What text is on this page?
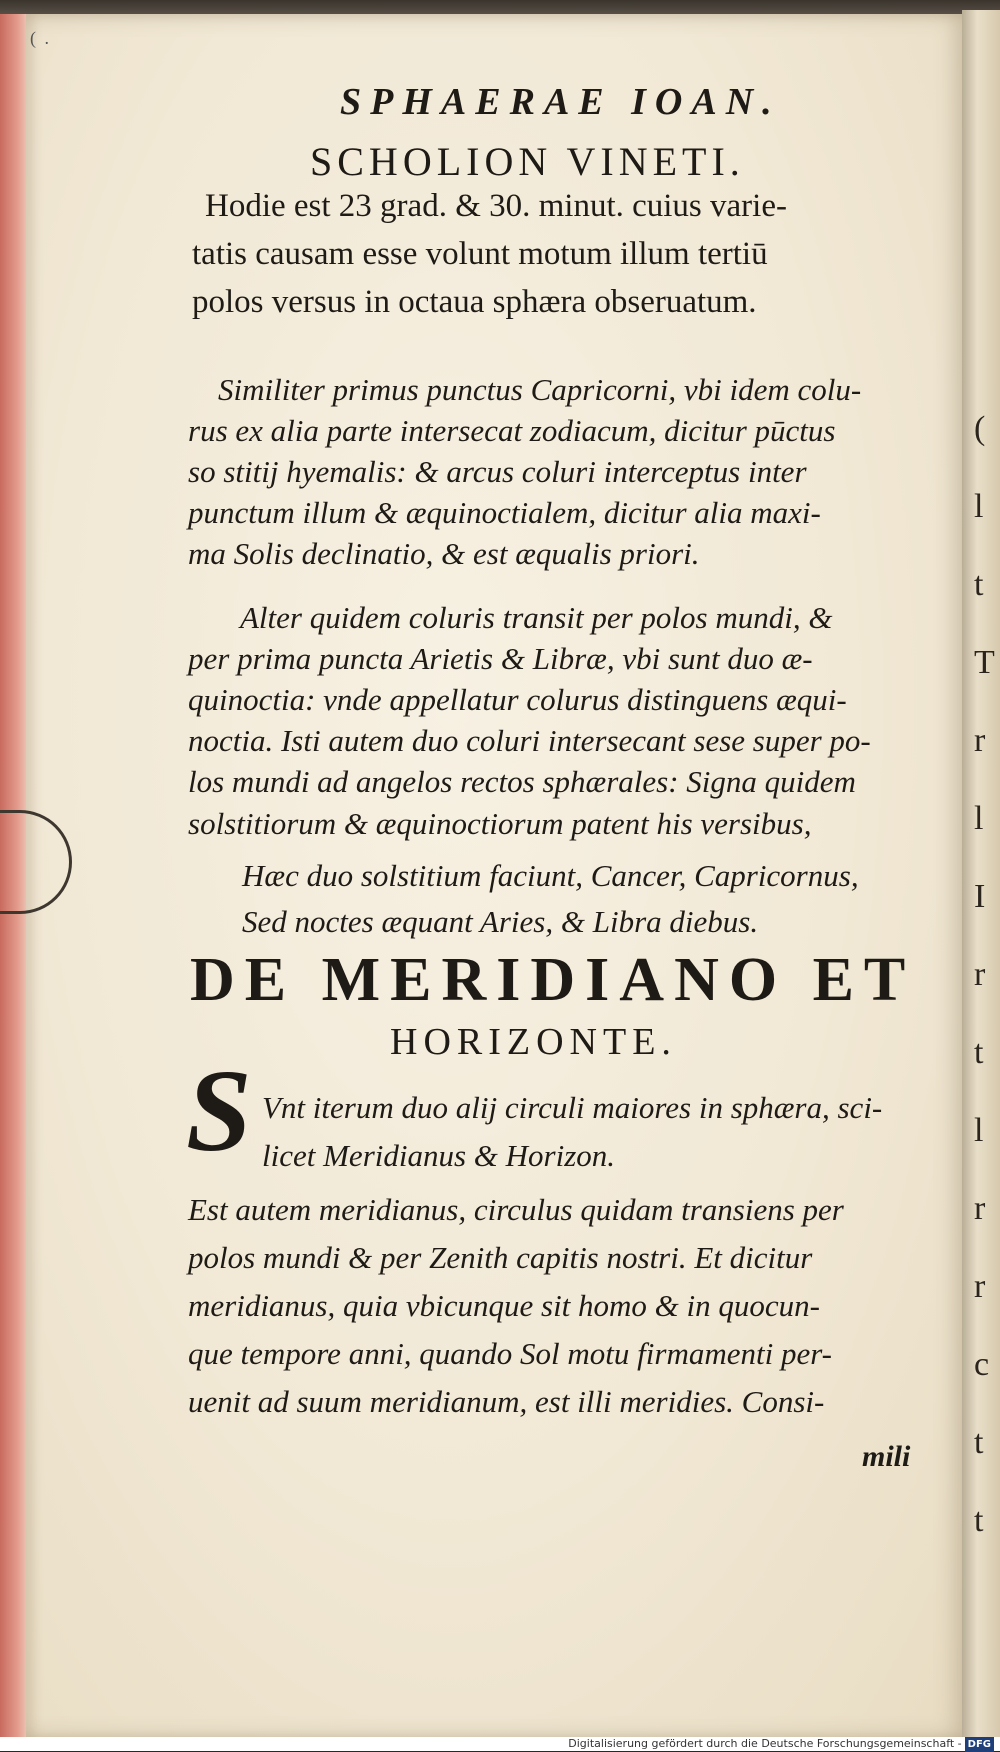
(
l
t
T
r
l
I
r
t
l
r
r
c
t
t
( .
SPHAERAE IOAN.
SCHOLION VINETI.
Hodie est 23 grad. & 30. minut. cuius varie-
tatis causam esse volunt motum illum tertiū
polos versus in octaua sphæra obseruatum.
Similiter primus punctus Capricorni, vbi idem colu-
rus ex alia parte intersecat zodiacum, dicitur pūctus
so stitij hyemalis: & arcus coluri interceptus inter
punctum illum & æquinoctialem, dicitur alia maxi-
ma Solis declinatio, & est æqualis priori.
Alter quidem coluris transit per polos mundi, &
per prima puncta Arietis & Libræ, vbi sunt duo æ-
quinoctia: vnde appellatur colurus distinguens æqui-
noctia. Isti autem duo coluri intersecant sese super po-
los mundi ad angelos rectos sphærales: Signa quidem
solstitiorum & æquinoctiorum patent his versibus,
Hæc duo solstitium faciunt, Cancer, Capricornus,
DE MERIDIANO ET
HORIZONTE.
S Vnt iterum duo alij circuli maiores in sphæra, sci-
licet Meridianus & Horizon.
Est autem meridianus, circulus quidam transiens per
polos mundi & per Zenith capitis nostri. Et dicitur
meridianus, quia vbicunque sit homo & in quocun-
que tempore anni, quando Sol motu firmamenti per-
uenit ad suum meridianum, est illi meridies. Consi-
mili
Sed noctes æquant Aries, & Libra diebus.
Digitalisierung gefördert durch die Deutsche Forschungsgemeinschaft - DFG
